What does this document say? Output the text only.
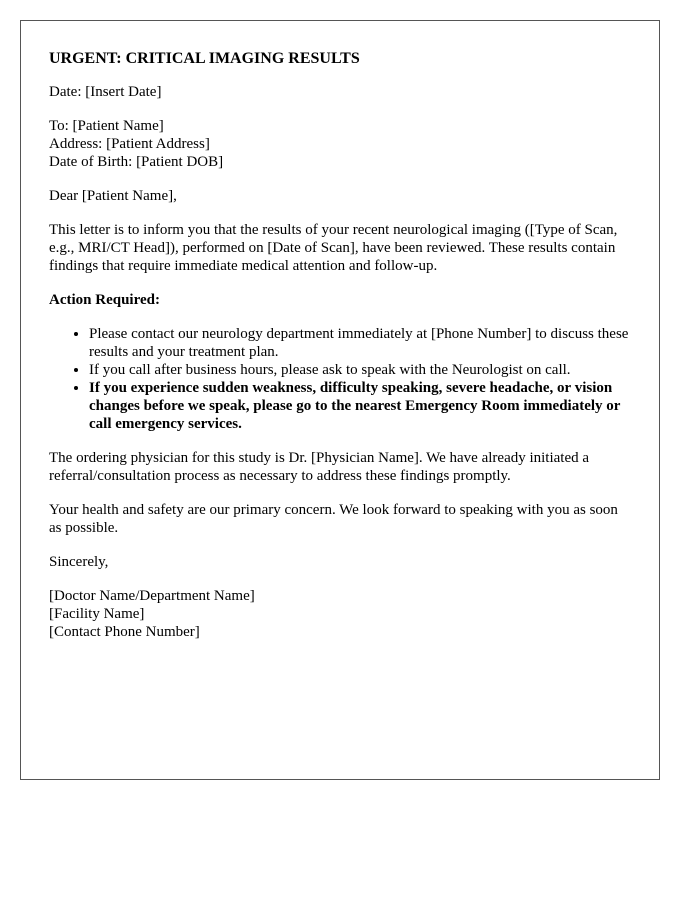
URGENT: CRITICAL IMAGING RESULTS

Date: [Insert Date]

To: [Patient Name]
Address: [Patient Address]
Date of Birth: [Patient DOB]

Dear [Patient Name],

This letter is to inform you that the results of your recent neurological imaging ([Type of Scan, e.g., MRI/CT Head]), performed on [Date of Scan], have been reviewed. These results contain findings that require immediate medical attention and follow-up.

Action Required:

• Please contact our neurology department immediately at [Phone Number] to discuss these results and your treatment plan.
• If you call after business hours, please ask to speak with the Neurologist on call.
• If you experience sudden weakness, difficulty speaking, severe headache, or vision changes before we speak, please go to the nearest Emergency Room immediately or call emergency services.

The ordering physician for this study is Dr. [Physician Name]. We have already initiated a referral/consultation process as necessary to address these findings promptly.

Your health and safety are our primary concern. We look forward to speaking with you as soon as possible.

Sincerely,

[Doctor Name/Department Name]
[Facility Name]
[Contact Phone Number]
